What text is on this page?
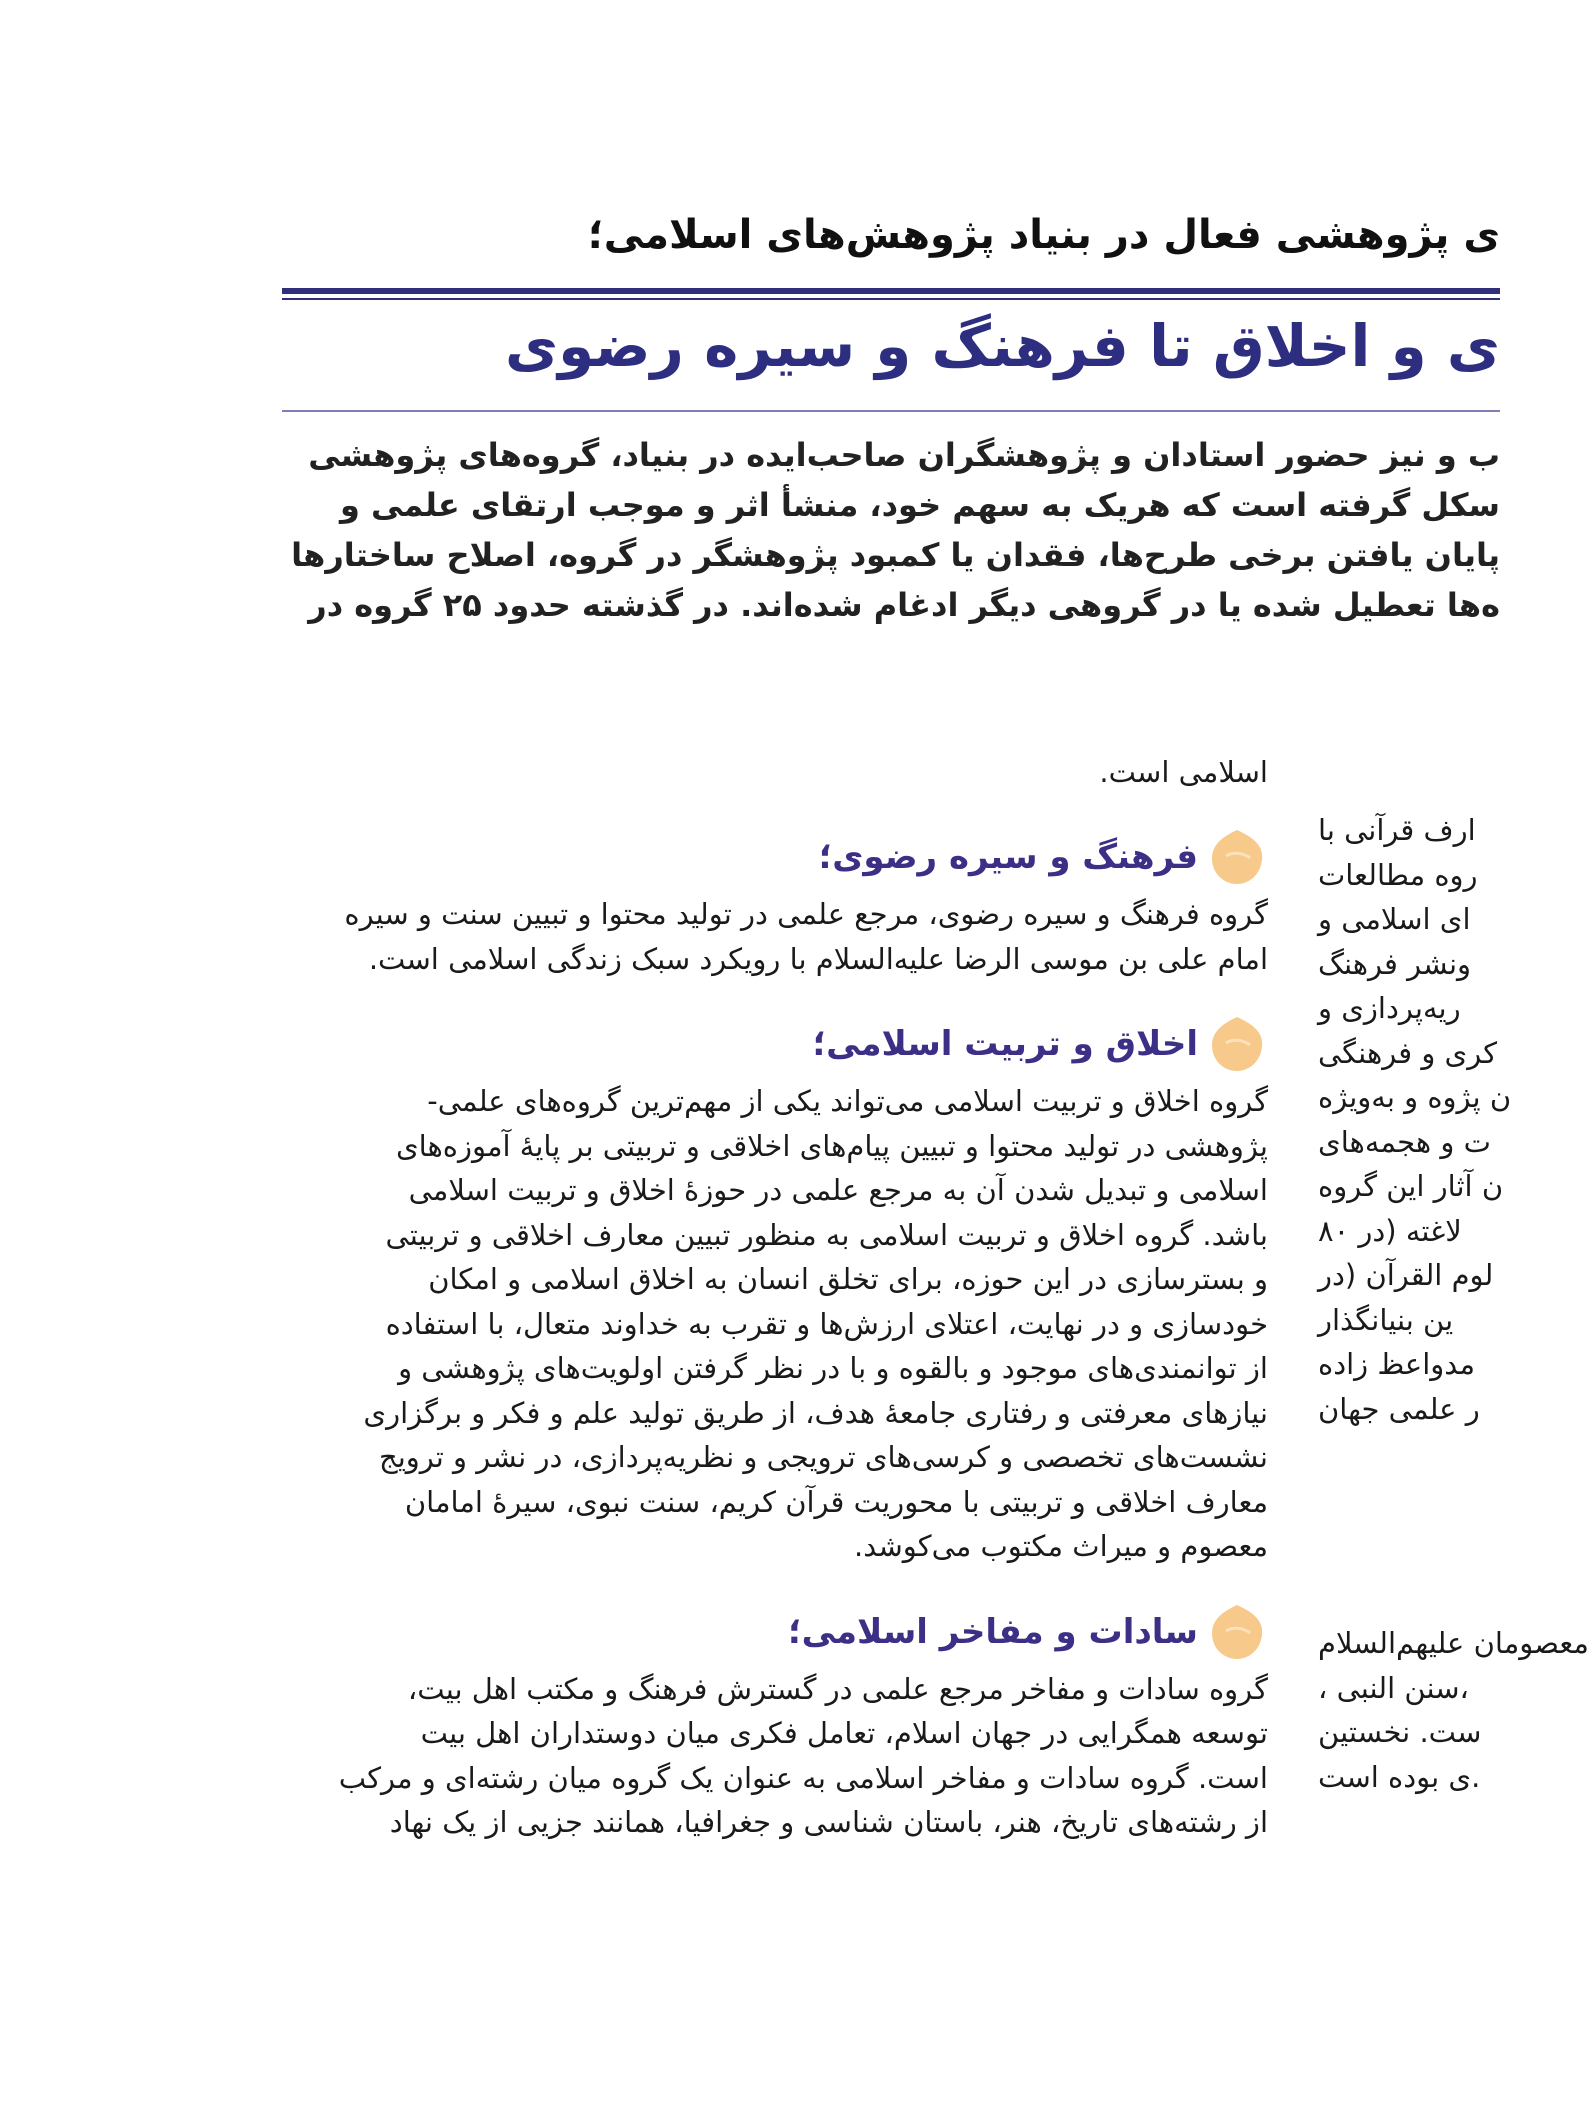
ی پژوهشی فعال در بنیاد پژوهش‌های اسلامی؛
ی و اخلاق تا فرهنگ و سیره رضوی
ب و نیز حضور استادان و پژوهشگران صاحب‌ایده در بنیاد، گروه‌های پژوهشی
سکل گرفته است که هریک به سهم خود، منشأ اثر و موجب ارتقای علمی و
پایان یافتن برخی طرح‌ها، فقدان یا کمبود پژوهشگر در گروه، اصلاح ساختارها
ه‌ها تعطیل شده یا در گروهی دیگر ادغام شده‌اند. در گذشته حدود ۲۵ گروه در
اسلامی است.
فرهنگ و سیره رضوی؛
گروه فرهنگ و سیره رضوی، مرجع علمی در تولید محتوا و تبیین سنت و سیره
امام علی بن موسی الرضا علیه‌السلام با رویکرد سبک زندگی اسلامی است.
اخلاق و تربیت اسلامی؛
گروه اخلاق و تربیت اسلامی می‌تواند یکی از مهم‌ترین گروه‌های علمی-
پژوهشی در تولید محتوا و تبیین پیام‌های اخلاقی و تربیتی بر پایۀ آموزه‌های
اسلامی و تبدیل شدن آن به مرجع علمی در حوزۀ اخلاق و تربیت اسلامی
باشد. گروه اخلاق و تربیت اسلامی به منظور تبیین معارف اخلاقی و تربیتی
و بسترسازی در این حوزه، برای تخلق انسان به اخلاق اسلامی و امکان
خودسازی و در نهایت، اعتلای ارزش‌ها و تقرب به خداوند متعال، با استفاده
از توانمندی‌های موجود و بالقوه و با در نظر گرفتن اولویت‌های پژوهشی و
نیازهای معرفتی و رفتاری جامعۀ هدف، از طریق تولید علم و فکر و برگزاری
نشست‌های تخصصی و کرسی‌های ترویجی و نظریه‌پردازی، در نشر و ترویج
معارف اخلاقی و تربیتی با محوریت قرآن کریم، سنت نبوی، سیرۀ امامان
معصوم و میراث مکتوب می‌کوشد.
سادات و مفاخر اسلامی؛
گروه سادات و مفاخر مرجع علمی در گسترش فرهنگ و مکتب اهل بیت،
توسعه همگرایی در جهان اسلام، تعامل فکری میان دوستداران اهل بیت
است. گروه سادات و مفاخر اسلامی به عنوان یک گروه میان رشته‌ای و مرکب
از رشته‌های تاریخ، هنر، باستان شناسی و جغرافیا، همانند جزیی از یک نهاد
ارف قرآنی با
روه مطالعات
ای اسلامی و
ونشر فرهنگ
ریه‌پردازی و
کری و فرهنگی
ن پژوه و به‌ویژه
ت و هجمه‌های
ن آثار این گروه
لاغته (در ۸۰
لوم القرآن (در
ین بنیانگذار
مدواعظ زاده
ر علمی جهان
معصومان علیهم‌السلام
، سنن النبی،
ست. نخستین
ی بوده است.
